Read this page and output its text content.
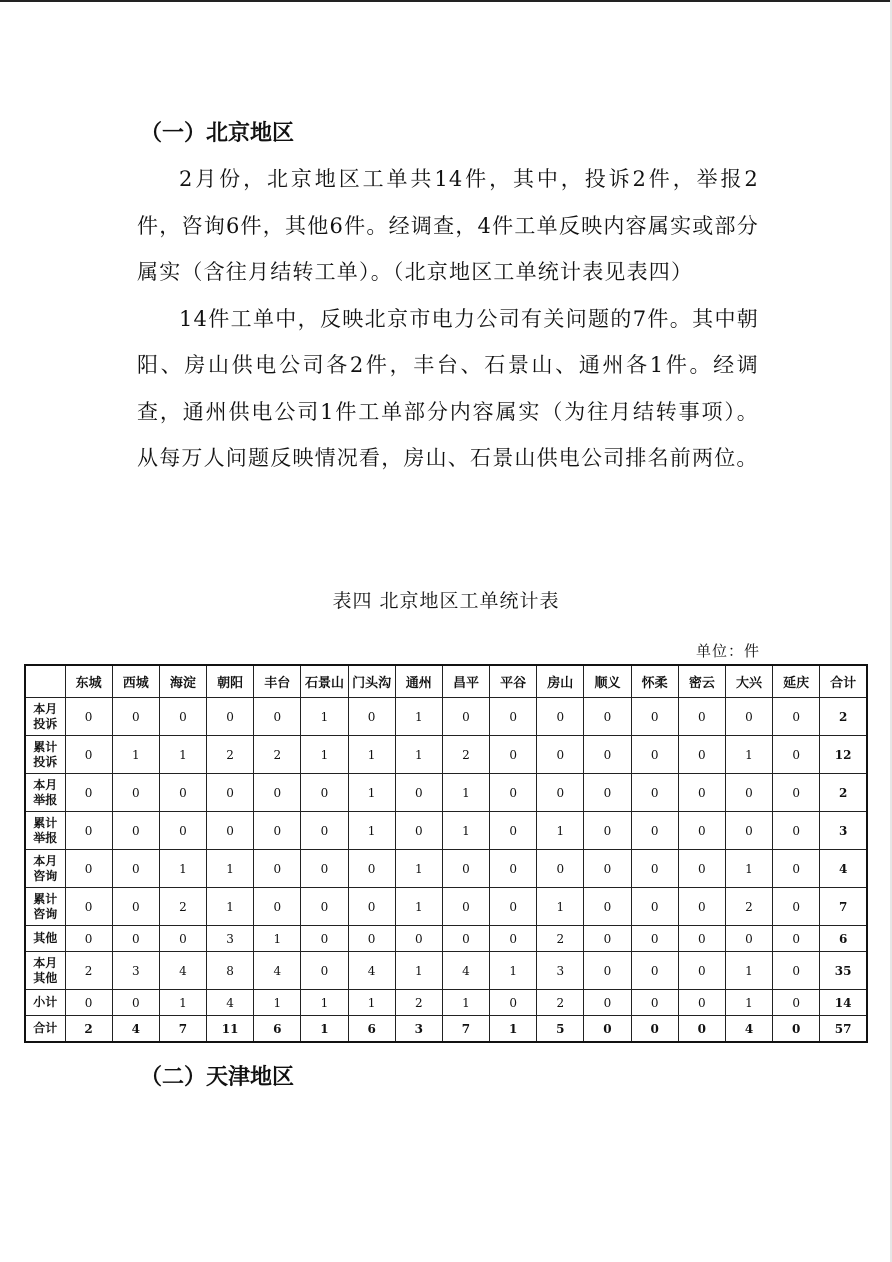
（一）北京地区

2月份，北京地区工单共14件，其中，投诉2件，举报2件，咨询6件，其他6件。经调查，4件工单反映内容属实或部分属实（含往月结转工单）。（北京地区工单统计表见表四）

14件工单中，反映北京市电力公司有关问题的7件。其中朝阳、房山供电公司各2件，丰台、石景山、通州各1件。经调查，通州供电公司1件工单部分内容属实（为往月结转事项）。从每万人问题反映情况看，房山、石景山供电公司排名前两位。

表四 北京地区工单统计表
单位：件
	东城	西城	海淀	朝阳	丰台	石景山	门头沟	通州	昌平	平谷	房山	顺义	怀柔	密云	大兴	延庆	合计
本月
投诉	0	0	0	0	0	1	0	1	0	0	0	0	0	0	0	0	2
累计
投诉	0	1	1	2	2	1	1	1	2	0	0	0	0	0	1	0	12
本月
举报	0	0	0	0	0	0	1	0	1	0	0	0	0	0	0	0	2
累计
举报	0	0	0	0	0	0	1	0	1	0	1	0	0	0	0	0	3
本月
咨询	0	0	1	1	0	0	0	1	0	0	0	0	0	0	1	0	4
累计
咨询	0	0	2	1	0	0	0	1	0	0	1	0	0	0	2	0	7
其他	0	0	0	3	1	0	0	0	0	0	2	0	0	0	0	0	6
本月
其他	2	3	4	8	4	0	4	1	4	1	3	0	0	0	1	0	35
小计	0	0	1	4	1	1	1	2	1	0	2	0	0	0	1	0	14
合计	2	4	7	11	6	1	6	3	7	1	5	0	0	0	4	0	57
（二）天津地区
